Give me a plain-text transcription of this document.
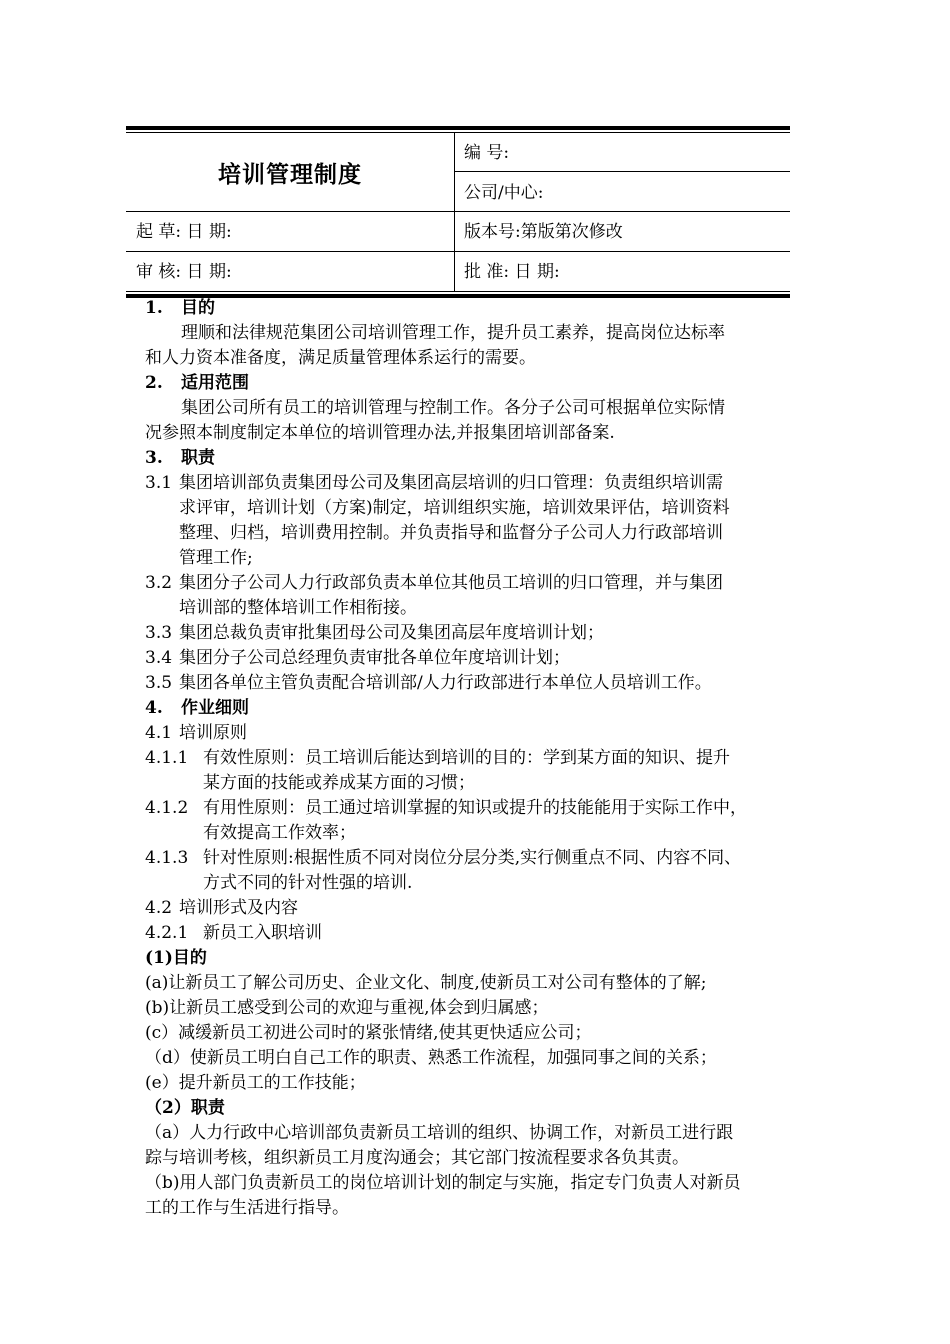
培训管理制度
编 号:
公司/中心:
起 草: 日 期:	版本号:第版第次修改
审 核: 日 期:	批 准: 日 期:
1. 目的
理顺和法律规范集团公司培训管理工作，提升员工素养，提高岗位达标率
和人力资本准备度，满足质量管理体系运行的需要。
2. 适用范围
集团公司所有员工的培训管理与控制工作。各分子公司可根据单位实际情
况参照本制度制定本单位的培训管理办法,并报集团培训部备案.
3. 职责
3.1 集团培训部负责集团母公司及集团高层培训的归口管理：负责组织培训需
求评审，培训计划（方案)制定，培训组织实施，培训效果评估，培训资料
整理、归档，培训费用控制。并负责指导和监督分子公司人力行政部培训
管理工作;
3.2 集团分子公司人力行政部负责本单位其他员工培训的归口管理，并与集团
培训部的整体培训工作相衔接。
3.3 集团总裁负责审批集团母公司及集团高层年度培训计划；
3.4 集团分子公司总经理负责审批各单位年度培训计划；
3.5 集团各单位主管负责配合培训部/人力行政部进行本单位人员培训工作。
4. 作业细则
4.1 培训原则
4.1.1 有效性原则：员工培训后能达到培训的目的：学到某方面的知识、提升
某方面的技能或养成某方面的习惯；
4.1.2 有用性原则：员工通过培训掌握的知识或提升的技能能用于实际工作中，
有效提高工作效率；
4.1.3 针对性原则:根据性质不同对岗位分层分类,实行侧重点不同、内容不同、
方式不同的针对性强的培训.
4.2 培训形式及内容
4.2.1 新员工入职培训
(1)目的
(a)让新员工了解公司历史、企业文化、制度,使新员工对公司有整体的了解;
(b)让新员工感受到公司的欢迎与重视,体会到归属感；
(c）减缓新员工初进公司时的紧张情绪,使其更快适应公司；
（d）使新员工明白自己工作的职责、熟悉工作流程，加强同事之间的关系；
(e）提升新员工的工作技能；
（2）职责
（a）人力行政中心培训部负责新员工培训的组织、协调工作，对新员工进行跟
踪与培训考核，组织新员工月度沟通会；其它部门按流程要求各负其责。
（b)用人部门负责新员工的岗位培训计划的制定与实施，指定专门负责人对新员
工的工作与生活进行指导。
